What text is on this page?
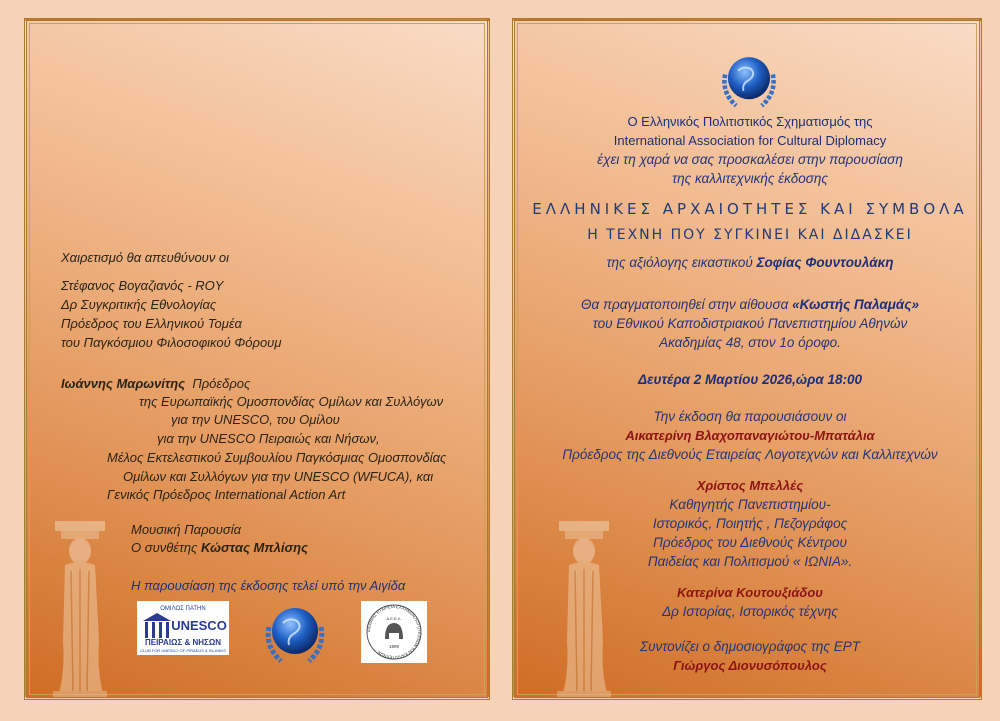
Χαιρετισμό θα απευθύνουν οι
Στέφανος Βογαζιανός - ROY
Δρ Συγκριτικής Εθνολογίας
Πρόεδρος του Ελληνικού Τομέα
του Παγκόσμιου Φιλοσοφικού Φόρουμ
Ιωάννης Μαρωνίτης Πρόεδρος
της Ευρωπαϊκής Ομοσπονδίας Ομίλων και Συλλόγων
για την UNESCO, του Ομίλου
για την UNESCO Πειραιώς και Νήσων,
Μέλος Εκτελεστικού Συμβουλίου Παγκόσμιας Ομοσπονδίας
Ομίλων και Συλλόγων για την UNESCO (WFUCA), και
Γενικός Πρόεδρος International Action Art
Μουσική Παρουσία
Ο συνθέτης Κώστας Μπλίσης
Η παρουσίαση της έκδοσης τελεί υπό την Αιγίδα
ΟΜΙΛΟΣ ΠΑΤΗΝ
UNESCO
ΠΕΙΡΑΙΩΣ & ΝΗΣΩΝ
CLUB FOR UNESCO OF PIRAEUS & ISLANDS
ΔΙΕΘΝΗΣ ΕΤΑΙΡΕΙΑ ΕΛΛΗΝΩΝ ΛΟΓΟΤΕΧΝΩΝ ΚΑΙ ΚΑΛΛΙΤΕΧΝΩΝ
Δ.Ε.Ε.Λ.
1999
Ο Ελληνικός Πολιτιστικός Σχηματισμός της
International Association for Cultural Diplomacy
έχει τη χαρά να σας προσκαλέσει στην παρουσίαση
της καλλιτεχνικής έκδοσης
ΕΛΛΗΝΙΚΕΣ ΑΡΧΑΙΟΤΗΤΕΣ ΚΑΙ ΣΥΜΒΟΛΑ
Η ΤΕΧΝΗ ΠΟΥ ΣΥΓΚΙΝΕΙ ΚΑΙ ΔΙΔΑΣΚΕΙ
της αξιόλογης εικαστικού Σοφίας Φουντουλάκη
Θα πραγματοποιηθεί στην αίθουσα «Κωστής Παλαμάς»
του Εθνικού Καποδιστριακού Πανεπιστημίου Αθηνών
Ακαδημίας 48, στον 1ο όροφο.
Δευτέρα 2 Μαρτίου 2026,ώρα 18:00
Την έκδοση θα παρουσιάσουν οι
Αικατερίνη Βλαχοπαναγιώτου-Μπατάλια
Πρόεδρος της Διεθνούς Εταιρείας Λογοτεχνών και Καλλιτεχνών
Χρίστος Μπελλές
Καθηγητής Πανεπιστημίου-
Ιστορικός, Ποιητής , Πεζογράφος
Πρόεδρος του Διεθνούς Κέντρου
Παιδείας και Πολιτισμού « ΙΩΝΙΑ».
Κατερίνα Κουτουξιάδου
Δρ Ιστορίας, Ιστορικός τέχνης
Συντονίζει ο δημοσιογράφος της ΕΡΤ
Γιώργος Διονυσόπουλος
